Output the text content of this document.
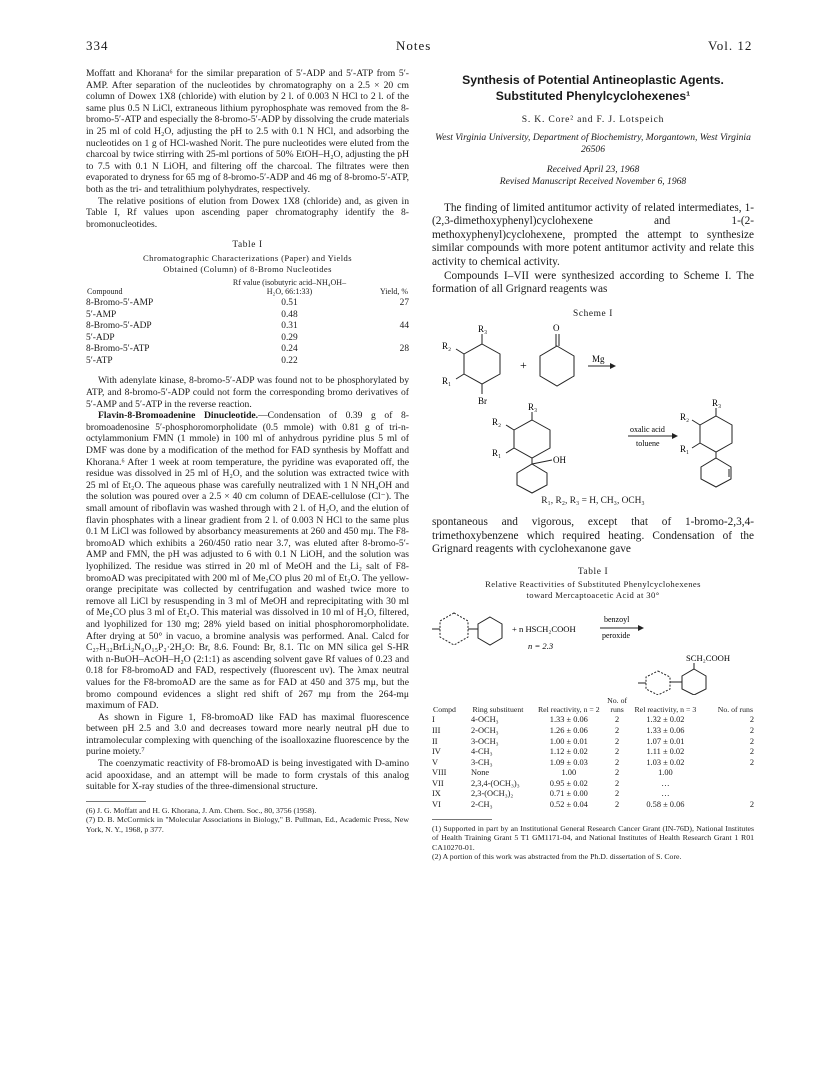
334	Notes	Vol. 12

Moffatt and Khorana⁶ for the similar preparation of 5′-ADP and 5′-ATP from 5′-AMP. After separation of the nucleotides by chromatography on a 2.5 × 20 cm column of Dowex 1X8 (chloride) with elution by 2 l. of 0.003 N HCl to 2 l. of the same plus 0.5 N LiCl, extraneous lithium pyrophosphate was removed from the 8-bromo-5′-ATP and especially the 8-bromo-5′-ADP by dissolving the crude materials in 25 ml of cold H₂O, adjusting the pH to 2.5 with 0.1 N HCl, and adsorbing the nucleotides on 1 g of HCl-washed Norit. The pure nucleotides were eluted from the charcoal by twice stirring with 25-ml portions of 50% EtOH–H₂O, adjusting the pH to 7.5 with 0.1 N LiOH, and filtering off the charcoal. The filtrates were then evaporated to dryness for 65 mg of 8-bromo-5′-ADP and 46 mg of 8-bromo-5′-ATP, both as the tri- and tetralithium polyhydrates, respectively.

The relative positions of elution from Dowex 1X8 (chloride) and, as given in Table I, Rf values upon ascending paper chromatography identify the 8-bromonucleotides.

Table I
Chromatographic Characterizations (Paper) and Yields
Obtained (Column) of 8-Bromo Nucleotides
Compound	Rf value (isobutyric acid–NH₄OH–H₂O, 66:1:33)	Yield, %
8-Bromo-5′-AMP	0.51	27
5′-AMP	0.48	
8-Bromo-5′-ADP	0.31	44
5′-ADP	0.29	
8-Bromo-5′-ATP	0.24	28
5′-ATP	0.22	

With adenylate kinase, 8-bromo-5′-ADP was found not to be phosphorylated by ATP, and 8-bromo-5′-ADP could not form the corresponding bromo derivatives of 5′-AMP and 5′-ATP in the reverse reaction.

Flavin-8-Bromoadenine Dinucleotide.—Condensation of 0.39 g of 8-bromoadenosine 5′-phosphoromorpholidate (0.5 mmole) with 0.81 g of tri-n-octylammonium FMN (1 mmole) in 100 ml of anhydrous pyridine plus 5 ml of DMF was done by a modification of the method for FAD synthesis by Moffatt and Khorana.⁶ After 1 week at room temperature, the pyridine was evaporated off, the residue was dissolved in 25 ml of H₂O, and the solution was extracted twice with 25 ml of Et₂O. The aqueous phase was carefully neutralized with 1 N NH₄OH and the solution was poured over a 2.5 × 40 cm column of DEAE-cellulose (Cl⁻). The small amount of riboflavin was washed through with 2 l. of H₂O, and the elution of flavin phosphates with a linear gradient from 2 l. of 0.003 N HCl to the same plus 0.1 M LiCl was followed by absorbancy measurements at 260 and 450 mμ. The F8-bromoAD which exhibits a 260/450 ratio near 3.7, was eluted after 8-bromo-5′-AMP and FMN, the pH was adjusted to 6 with 0.1 N LiOH, and the solution was lyophilized. The residue was stirred in 20 ml of MeOH and the Li₂ salt of F8-bromoAD was precipitated with 200 ml of Me₂CO plus 20 ml of Et₂O. The yellow-orange precipitate was collected by centrifugation and washed twice more to remove all LiCl by resuspending in 3 ml of MeOH and reprecipitating with 30 ml of Me₂CO plus 3 ml of Et₂O. This material was dissolved in 10 ml of H₂O, filtered, and lyophilized for 130 mg; 28% yield based on initial phosphoromorpholidate. After drying at 50° in vacuo, a bromine analysis was performed. Anal. Calcd for C₂₇H₃₂BrLi₂N₉O₁₅P₂·2H₂O: Br, 8.6. Found: Br, 8.1. Tlc on MN silica gel S-HR with n-BuOH–AcOH–H₂O (2:1:1) as ascending solvent gave Rf values of 0.23 and 0.18 for F8-bromoAD and FAD, respectively (fluorescent uv). The λmax neutral values for the F8-bromoAD are the same as for FAD at 450 and 375 mμ, but the bromo compound evidences a slight red shift of 267 mμ from the 264-mμ maximum of FAD.

As shown in Figure 1, F8-bromoAD like FAD has maximal fluorescence between pH 2.5 and 3.0 and decreases toward more nearly neutral pH due to intramolecular complexing with quenching of the isoalloxazine fluorescence by the purine moiety.⁷

The coenzymatic reactivity of F8-bromoAD is being investigated with D-amino acid apooxidase, and an attempt will be made to form crystals of this analog suitable for X-ray studies of the three-dimensional structure.

(6) J. G. Moffatt and H. G. Khorana, J. Am. Chem. Soc., 80, 3756 (1958).
(7) D. B. McCormick in "Molecular Associations in Biology," B. Pullman, Ed., Academic Press, New York, N. Y., 1968, p 377.
Synthesis of Potential Antineoplastic Agents. Substituted Phenylcyclohexenes¹
S. K. Core² and F. J. Lotspeich
West Virginia University, Department of Biochemistry, Morgantown, West Virginia 26506
Received April 23, 1968
Revised Manuscript Received November 6, 1968

The finding of limited antitumor activity of related intermediates, 1-(2,3-dimethoxyphenyl)cyclohexene and 1-(2-methoxyphenyl)cyclohexene, prompted the attempt to synthesize similar compounds with more potent antitumor activity and relate this activity to chemical activity.

Compounds I–VII were synthesized according to Scheme I. The formation of all Grignard reagents was

Scheme I
R₃
R₂
R₁
Br
+
O
Mg
R₃
R₂
R₁
OH
oxalic acid
toluene
R₃
R₂
R₁
R₁, R₂, R₃ = H, CH₃, OCH₃

spontaneous and vigorous, except that of 1-bromo-2,3,4-trimethoxybenzene which required heating. Condensation of the Grignard reagents with cyclohexanone gave

Table I
Relative Reactivities of Substituted Phenylcyclohexenes
toward Mercaptoacetic Acid at 30°
+ n HSCH₂COOH
benzoyl
peroxide
n = 2.3
SCH₂COOH
Compd	Ring substituent	Rel reactivity, n = 2	No. of runs	Rel reactivity, n = 3	No. of runs
I	4-OCH₃	1.33 ± 0.06	2	1.32 ± 0.02	2
III	2-OCH₃	1.26 ± 0.06	2	1.33 ± 0.06	2
II	3-OCH₃	1.00 ± 0.01	2	1.07 ± 0.01	2
IV	4-CH₃	1.12 ± 0.02	2	1.11 ± 0.02	2
V	3-CH₃	1.09 ± 0.03	2	1.03 ± 0.02	2
VIII	None	1.00	2	1.00	
VII	2,3,4-(OCH₃)₃	0.95 ± 0.02	2	…	
IX	2,3-(OCH₃)₂	0.71 ± 0.00	2	…	
VI	2-CH₃	0.52 ± 0.04	2	0.58 ± 0.06	2
(1) Supported in part by an Institutional General Research Cancer Grant (IN-76D), National Institutes of Health Training Grant 5 T1 GM1171-04, and National Institutes of Health Research Grant 1 R01 CA10270-01.
(2) A portion of this work was abstracted from the Ph.D. dissertation of S. Core.
